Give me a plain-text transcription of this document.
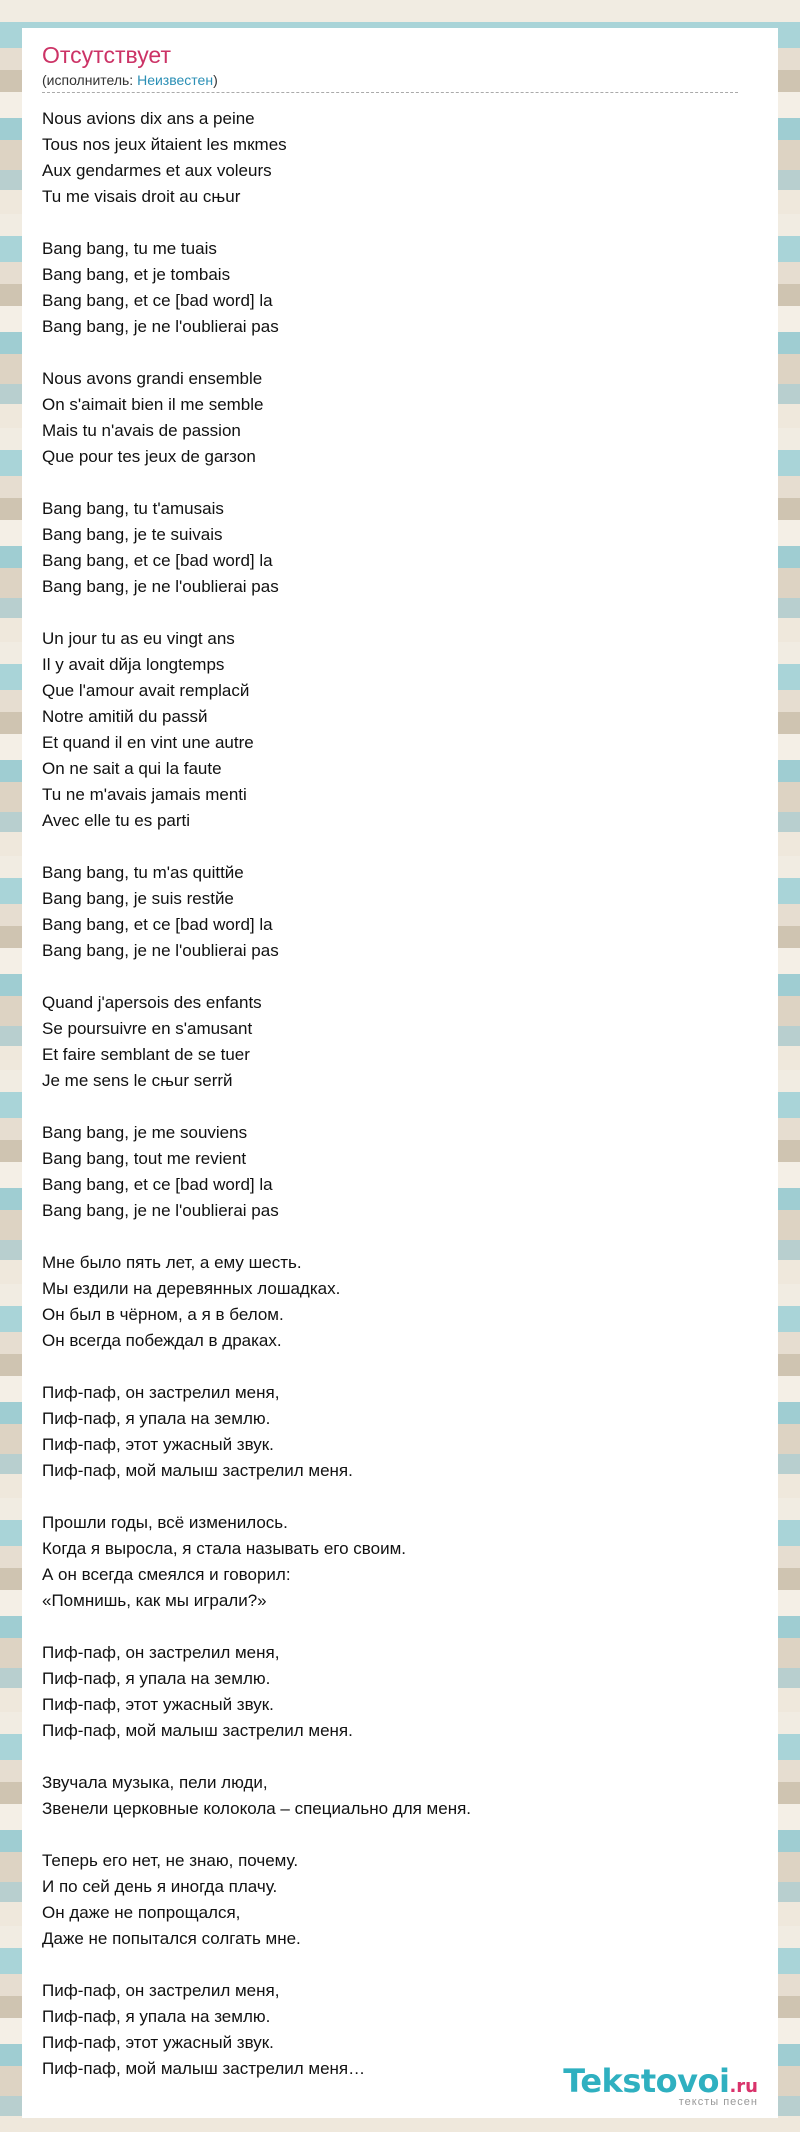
Отсутствует
(исполнитель: Неизвестен)
Nous avions dix ans a peine
Tous nos jeux йtaient les mкmes
Aux gendarmes et aux voleurs
Tu me visais droit au cњur
Bang bang, tu me tuais
Bang bang, et je tombais
Bang bang, et ce [bad word] la
Bang bang, je ne l'oublierai pas
Nous avons grandi ensemble
On s'aimait bien il me semble
Mais tu n'avais de passion
Que pour tes jeux de garзon
Bang bang, tu t'amusais
Bang bang, je te suivais
Bang bang, et ce [bad word] la
Bang bang, je ne l'oublierai pas
Un jour tu as eu vingt ans
Il y avait dйja longtemps
Que l'amour avait remplacй
Notre amitiй du passй
Et quand il en vint une autre
On ne sait a qui la faute
Tu ne m'avais jamais menti
Avec elle tu es parti
Bang bang, tu m'as quittйe
Bang bang, je suis restйe
Bang bang, et ce [bad word] la
Bang bang, je ne l'oublierai pas
Quand j'apersois des enfants
Se poursuivre en s'amusant
Et faire semblant de se tuer
Je me sens le cњur serrй
Bang bang, je me souviens
Bang bang, tout me revient
Bang bang, et ce [bad word] la
Bang bang, je ne l'oublierai pas
Мне было пять лет, а ему шесть.
Мы ездили на деревянных лошадках.
Он был в чёрном, а я в белом.
Он всегда побеждал в драках.
Пиф-паф, он застрелил меня,
Пиф-паф, я упала на землю.
Пиф-паф, этот ужасный звук.
Пиф-паф, мой малыш застрелил меня.
Прошли годы, всё изменилось.
Когда я выросла, я стала называть его своим.
А он всегда смеялся и говорил:
«Помнишь, как мы играли?»
Пиф-паф, он застрелил меня,
Пиф-паф, я упала на землю.
Пиф-паф, этот ужасный звук.
Пиф-паф, мой малыш застрелил меня.
Звучала музыка, пели люди,
Звенели церковные колокола – специально для меня.
Теперь его нет, не знаю, почему.
И по сей день я иногда плачу.
Он даже не попрощался,
Даже не попытался солгать мне.
Пиф-паф, он застрелил меня,
Пиф-паф, я упала на землю.
Пиф-паф, этот ужасный звук.
Пиф-паф, мой малыш застрелил меня…	Tekstovoi.ru
тексты песен
